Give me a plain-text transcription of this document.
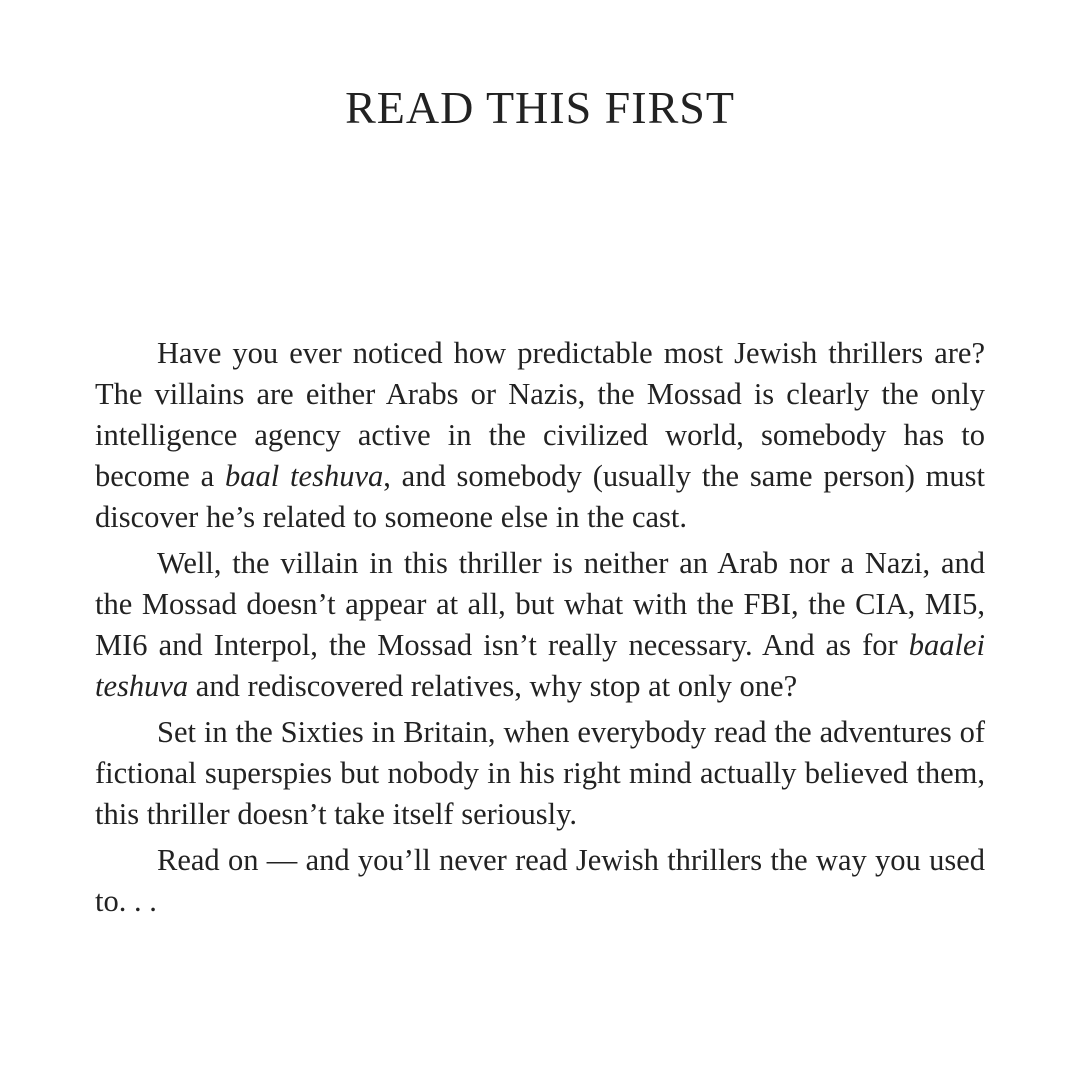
READ THIS FIRST

Have you ever noticed how predictable most Jewish thrillers are? The villains are either Arabs or Nazis, the Mossad is clearly the only intelligence agency active in the civilized world, somebody has to become a baal teshuva, and somebody (usually the same person) must discover he’s related to someone else in the cast.

Well, the villain in this thriller is neither an Arab nor a Nazi, and the Mossad doesn’t appear at all, but what with the FBI, the CIA, MI5, MI6 and Interpol, the Mossad isn’t really necessary. And as for baalei teshuva and rediscovered relatives, why stop at only one?

Set in the Sixties in Britain, when everybody read the adventures of fictional superspies but nobody in his right mind actually believed them, this thriller doesn’t take itself seriously.

Read on — and you’ll never read Jewish thrillers the way you used to. . .
